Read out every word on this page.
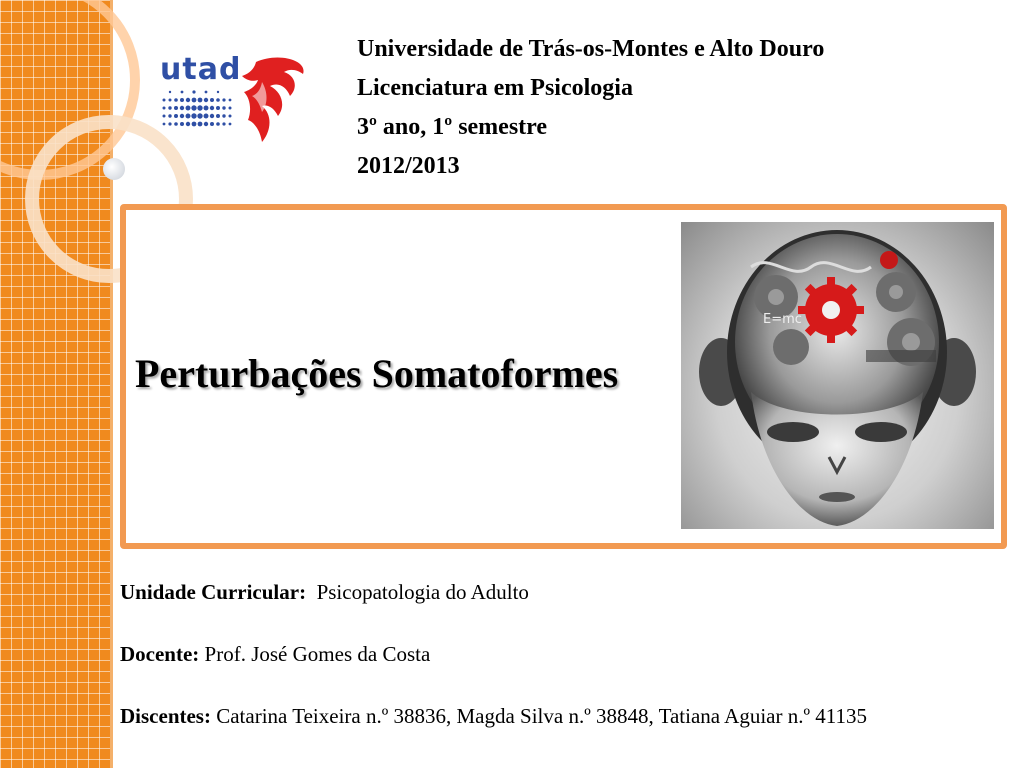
utad
Universidade de Trás-os-Montes e Alto Douro
Licenciatura em Psicologia
3º ano, 1º semestre
2012/2013
E=mc
Perturbações Somatoformes
Unidade Curricular: Psicopatologia do Adulto
Docente: Prof. José Gomes da Costa
Discentes: Catarina Teixeira n.º 38836, Magda Silva n.º 38848, Tatiana Aguiar n.º 41135
